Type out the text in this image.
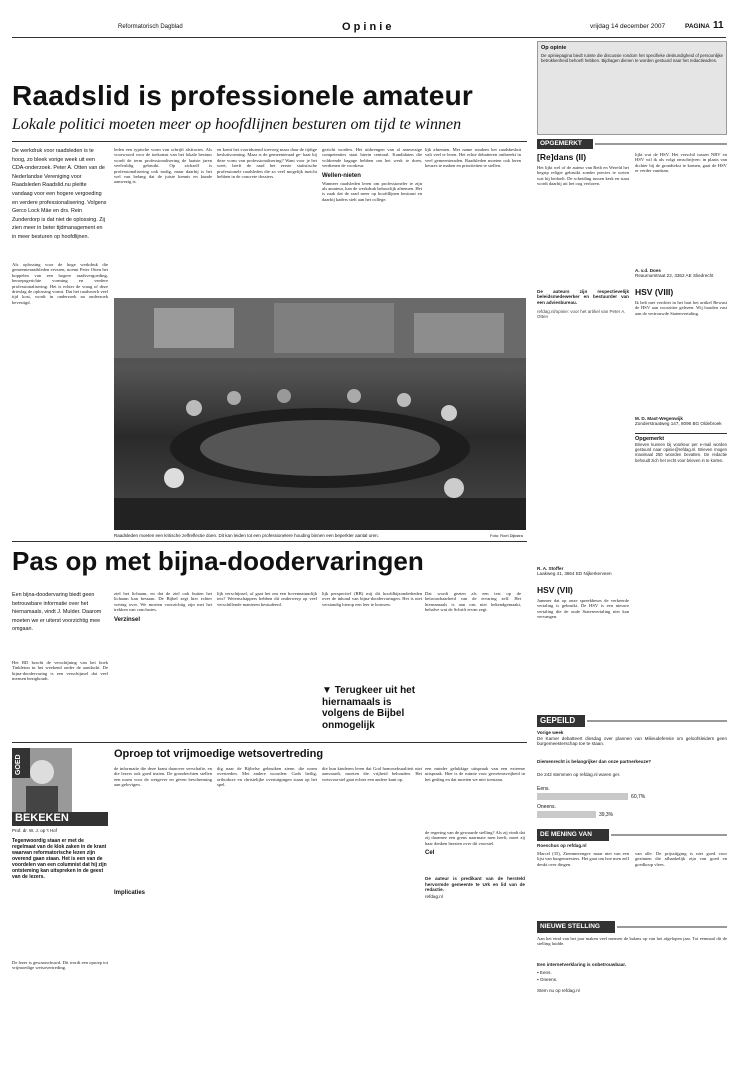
Reformatorisch Dagblad	O p i n i e	vrijdag 14 december 2007	PAGINA 11
Op opinie
De opiniepagina biedt ruimte die discussie rondom het specifieke deskundigheid of persoonlijke betrokkenheid behoeft hebben. Bijdragen dienen te worden gestuurd naar het redactieadres.
Raadslid is professionele amateur
Lokale politici moeten meer op hoofdlijnen besturen om tijd te winnen
De werkdruk voor raadsleden is te hoog, zo bleek vorige week uit een CDA-onderzoek. Peter A. Otten van de Nederlandse Vereniging voor Raadsleden Raadslid.nu pleitte vandaag voor een hogere vergoeding en verdere professionalisering. Volgens Gerco Lock Mäe en drs. Rein Zunderdorp is dat niet de oplossing. Zij zien meer in beter tijdmanagement en in meer besturen op hoofdlijnen.
Als oplossing voor de hoge werkdruk die gemeenteraadsleden ervaren, noemt Peter Otten het koppelen van een hogere raadsvergoeding, beroepsgerichte vorming en verdere professionalisering. Het is echter de vraag of deze drieslag de oplossing vormt. Dat het raadswerk veel tijd kost, wordt in onderzoek na onderzoek bevestigd.
leden een typische vorm van schrijft alsfractes. Als voorwoord voor de toekomst van het lokale bestuur wordt de term professionalisering de laatste jaren veelvuldig gebruikt. Op zichzelf is professionalisering ook nodig, maar daarbij is het wel van belang dat de juiste kennis en kunde aanwezig is.
en komt het voortdurend toevoeg maar daar de tijdige besluitvorming. Maar is de gemeenteraad ge- baat bij deze vorm van professionalisering? Want voor je het weet, heeft de raad het eerste statistische professionele raadsleden die zo veel mogelijk inzicht hebben in de concrete dossiers.
gezicht worden. Het uitbrengen van al aanwezige competenties staat hierin centraal. Kandidaten die voldoende bagage hebben om het werk te doen, verdienen de voorkeur.
Wellen-nieten
Wanneer raadsleden leren om professioneler te zijn als amateur, kan de werkdruk behoorlijk afnemen. Het is zaak dat de raad meer op hoofdlijnen bestuurt en daarbij kaders stelt aan het college.
lijk afnemen. Met name rondom het raadsbesluit valt veel te leren. Het echte debatteren ontbreekt in veel gemeenteraden. Raadsleden moeten ook leren keuzes te maken en prioriteiten te stellen.
Raadsleden moeten een kritische zelfreflectie doen. Dit kan leiden tot een professionelere houding binnen een beperkter aantal uren.	Foto: Roel Dijkstra
OPGEMERKT
[Re]dans (II)
Het lijkt wel of de auteur van Reth en Wereld het begrip religie gebruikt zonder precies te weten wat hij bedoelt. De scheiding tussen kerk en staat wordt daarbij uit het oog verloren.
De auteurs zijn respectievelijk beleidsmedewerker en bestuurder van een adviesbureau.
refdag.nl/opinie: voor het artikel van Peter A. Otten
R. A. Stoffer
Laakweg 41, 3864 ED Nijkerkerveen
HSV (VII)
Jammer dat op onze spreekbeurs de verkeerde vertaling is gebruikt. De HSV is een nieuwe vertaling die de oude Statenvertaling niet kan vervangen.
lijkt wat de HSV. Het verschil tussen NBV en HSV wil ik als volgt omschrijven: in plaats van dichter bij de grondtekst te komen, gaat de HSV er verder vandaan.
A. v.d. Does
Reaumurstraat 22, 3362 AE Sliedrecht
HSV (VIII)
Ik heb met verdriet in het hart het artikel Bewust de HSV aan voorzitter gelezen. Wij houden vast aan de vertrouwde Statenvertaling.
M. D. Mast-Wegenwijk
Zonderstraatweg 147, 8096 BG Oldebroek
Opgemerkt
Brieven kunnen bij voorkeur per e-mail worden gestuurd naar opinie@refdag.nl. Brieven mogen maximaal 250 woorden bevatten. De redactie behoudt zich het recht voor brieven in te korten.
Pas op met bijna-doodervaringen
Een bijna-doodervaring biedt geen betrouwbare informatie over het hiernamaals, vindt J. Mulder. Daarom moeten we er uiterst voorzichtig mee omgaan.
Het RD bracht de verschijning van het boek Tinkleton in het weekend onder de aandacht. De bijna-doodervaring is een verschijnsel dat veel mensen bezighoudt.
ziel het lichaam, en dat de ziel ook buiten het lichaam kan bestaan. De Bijbel zegt hier echter weinig over. We moeten voorzichtig zijn met het trekken van conclusies.
Verzinsel
lijk verschijnsel, of gaat het om een bovennatuurlijk iets? Wetenschappers hebben dit onderwerp op veel verschillende manieren bestudeerd.
lijk perspectief (RB) mij dit hoofdbijzonderheden over de inhoud van bijna-doodervaringen. Het is niet verstandig hierop een leer te bouwen.
▼ Terugkeer uit het hiernamaals is volgens de Bijbel onmogelijk
Dat wordt gezien als een test op de betrouwbaarheid van de ervaring zelf. Het hiernamaals is aan ons niet bekendgemaakt, behalve wat de Schrift ervan zegt.
GOED
BEKEKEN
Prof. dr. W. J. op 't Hof
Oproep tot vrijmoedige wetsovertreding
Tegenwoordig staan er met de regelmaat van de klok zaken in de krant waarvan reformatorische lezen zijn overend gaan staan. Het is een van de voordelen van een columnist dat hij zijn ontsteming kan uitspreken in de geest van de lezers.
De lezer is gewaarschuwd. Dit wordt een oproep tot vrijmoedige wetsovertreding.
de informatie die deze krant daarover verschafte, en die lezers ook goed inzien. De grondrechten stellen een norm voor de wetgever en geven bescherming aan gelovigen.
Implicaties
dig naar de Bijbelse gebruiken ziene, die norm overtreden. Met andere woorden: Gods heilig, orthodoxe en christelijke overtuigingen staan op het spel.
die hun kinderen leren dat God homoseksualiteit niet aanvaardt, moeten die vrijheid behouden. Het wetsvoorstel gaat echter een andere kant op.
een minder gelukkige uitspraak van een extreme uitspraak. Hier is de ruimte voor gewetensvrijheid in het geding en dat moeten we niet toestaan.
de regering van de gewaarde stelling? Als zij vindt dat zij daarmee een grens naarmate men heeft, moet zij haar denken herzien over dit voorstel.
Cel
De auteur is predikant van de hersteld hervormde gemeente te Urk en lid van de redactie.
refdag.nl
GEPEILD
Vorige week
De Kamer debatteert dinsdag over plannen van Milieudefensie om geloofsleiders geen burgemeesterschap toe te staan.
Diemenrecht is belangrijker dan onze partnerkeuze?
De 242 stemmen op refdag.nl waren ger.
Eens.
60,7%
Oneens.
39,3%
DE MENING VAN
Roeschus op refdag.nl
Marcel (35), Ziemmerenger: maar niet van een lijst van burgemeesters. Het gaat om hoe men zelf denkt over dingen.
van alle. De prijsstijging is niet goed voor gezinnen die afhankelijk zijn van goed en goedkoop vlees.
NIEUWE STELLING
Aan het eind van het jaar maken veel mensen de balans op van het afgelopen jaar. Tot eenmaal dit de stelling luidde.
Een internetverklaring is onbetrouwbaar.
▪ Eens.
▪ Oneens.
Stem nu op refdag.nl
